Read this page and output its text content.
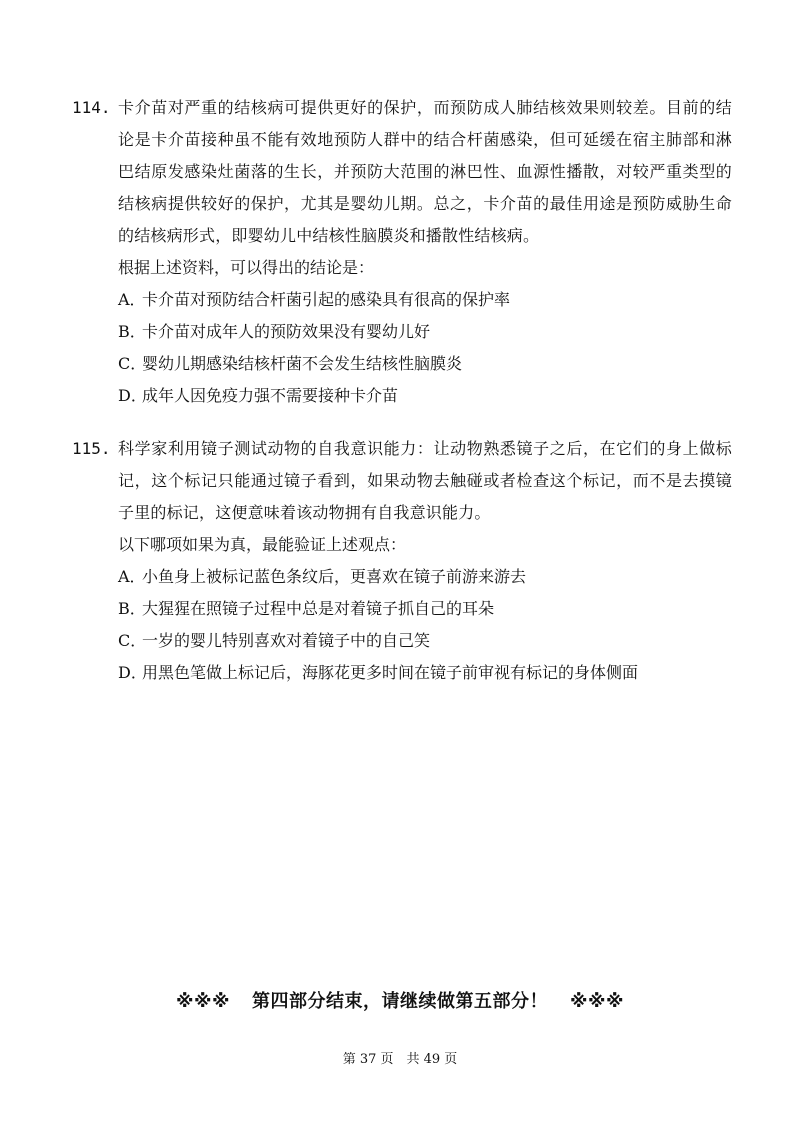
114. 卡介苗对严重的结核病可提供更好的保护，而预防成人肺结核效果则较差。目前的结论是卡介苗接种虽不能有效地预防人群中的结合杆菌感染，但可延缓在宿主肺部和淋巴结原发感染灶菌落的生长，并预防大范围的淋巴性、血源性播散，对较严重类型的结核病提供较好的保护，尤其是婴幼儿期。总之，卡介苗的最佳用途是预防威胁生命的结核病形式，即婴幼儿中结核性脑膜炎和播散性结核病。

根据上述资料，可以得出的结论是：

A．卡介苗对预防结合杆菌引起的感染具有很高的保护率
B．卡介苗对成年人的预防效果没有婴幼儿好
C．婴幼儿期感染结核杆菌不会发生结核性脑膜炎
D．成年人因免疫力强不需要接种卡介苗
115. 科学家利用镜子测试动物的自我意识能力：让动物熟悉镜子之后，在它们的身上做标记，这个标记只能通过镜子看到，如果动物去触碰或者检查这个标记，而不是去摸镜子里的标记，这便意味着该动物拥有自我意识能力。

以下哪项如果为真，最能验证上述观点：

A．小鱼身上被标记蓝色条纹后，更喜欢在镜子前游来游去
B．大猩猩在照镜子过程中总是对着镜子抓自己的耳朵
C．一岁的婴儿特别喜欢对着镜子中的自己笑
D．用黑色笔做上标记后，海豚花更多时间在镜子前审视有标记的身体侧面
※※※ 第四部分结束，请继续做第五部分！ ※※※
第 37 页　共 49 页
